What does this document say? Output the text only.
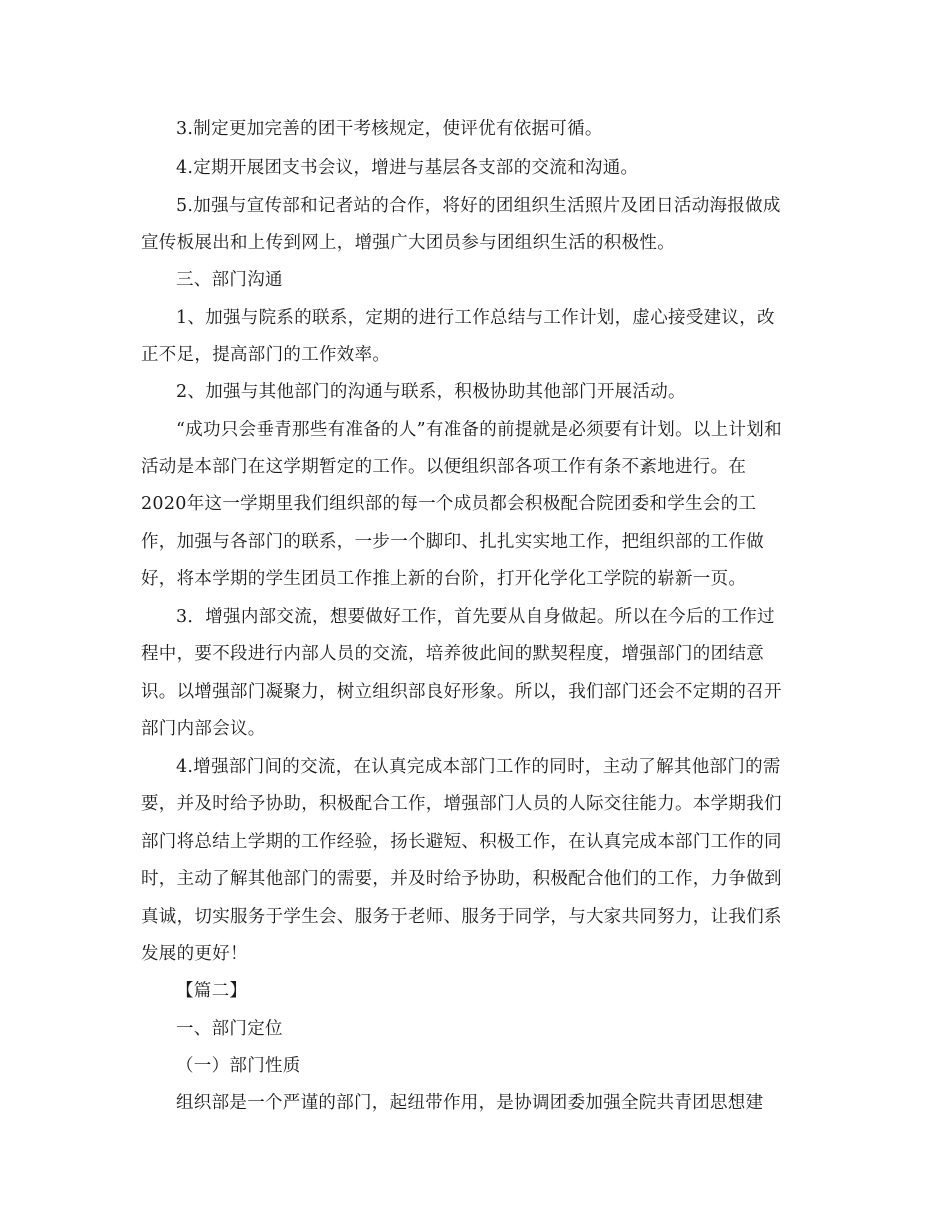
3.制定更加完善的团干考核规定，使评优有依据可循。
4.定期开展团支书会议，增进与基层各支部的交流和沟通。
5.加强与宣传部和记者站的合作，将好的团组织生活照片及团日活动海报做成
宣传板展出和上传到网上，增强广大团员参与团组织生活的积极性。
三、部门沟通
1、加强与院系的联系，定期的进行工作总结与工作计划，虚心接受建议，改
正不足，提高部门的工作效率。
2、加强与其他部门的沟通与联系，积极协助其他部门开展活动。
“成功只会垂青那些有准备的人”有准备的前提就是必须要有计划。以上计划和
活动是本部门在这学期暂定的工作。以便组织部各项工作有条不紊地进行。在
2020年这一学期里我们组织部的每一个成员都会积极配合院团委和学生会的工
作，加强与各部门的联系，一步一个脚印、扎扎实实地工作，把组织部的工作做
好，将本学期的学生团员工作推上新的台阶，打开化学化工学院的崭新一页。
3．增强内部交流，想要做好工作，首先要从自身做起。所以在今后的工作过
程中，要不段进行内部人员的交流，培养彼此间的默契程度，增强部门的团结意
识。以增强部门凝聚力，树立组织部良好形象。所以，我们部门还会不定期的召开
部门内部会议。
4.增强部门间的交流，在认真完成本部门工作的同时，主动了解其他部门的需
要，并及时给予协助，积极配合工作，增强部门人员的人际交往能力。本学期我们
部门将总结上学期的工作经验，扬长避短、积极工作，在认真完成本部门工作的同
时，主动了解其他部门的需要，并及时给予协助，积极配合他们的工作，力争做到
真诚，切实服务于学生会、服务于老师、服务于同学，与大家共同努力，让我们系
发展的更好！
【篇二】
一、部门定位
（一）部门性质
组织部是一个严谨的部门，起纽带作用，是协调团委加强全院共青团思想建
